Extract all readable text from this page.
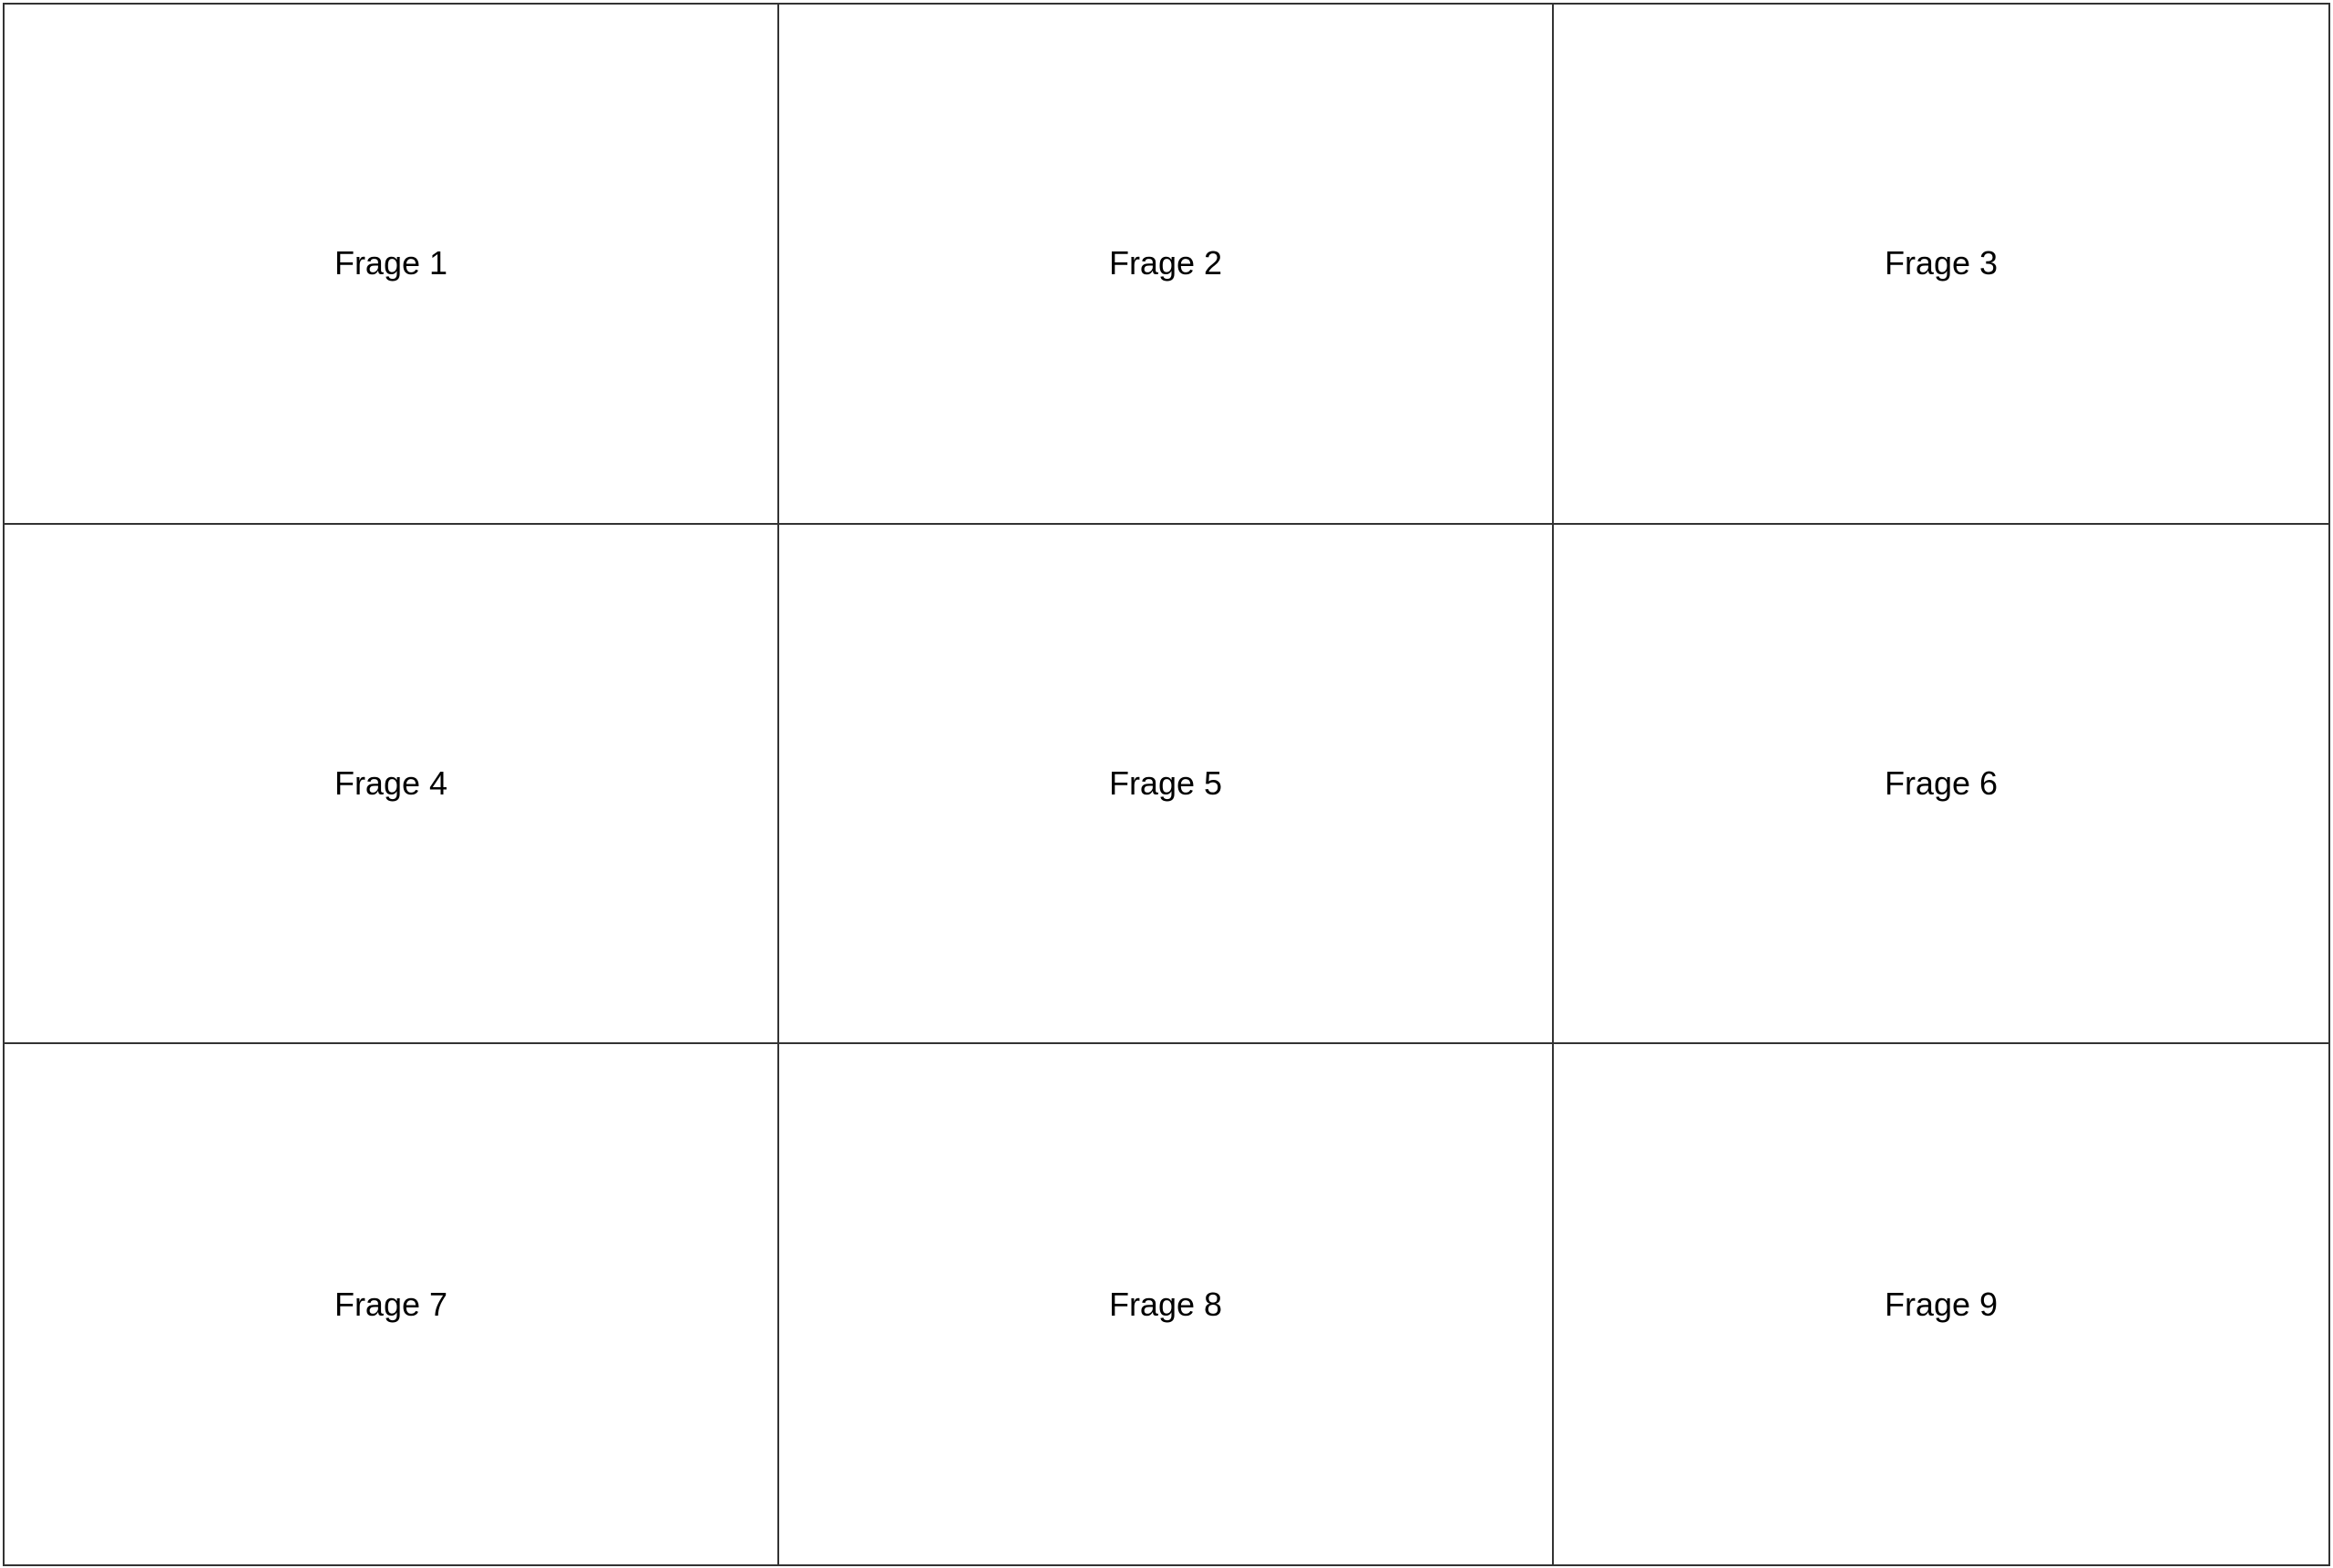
Frage 1	Frage 2	Frage 3
Frage 4	Frage 5	Frage 6
Frage 7	Frage 8	Frage 9
